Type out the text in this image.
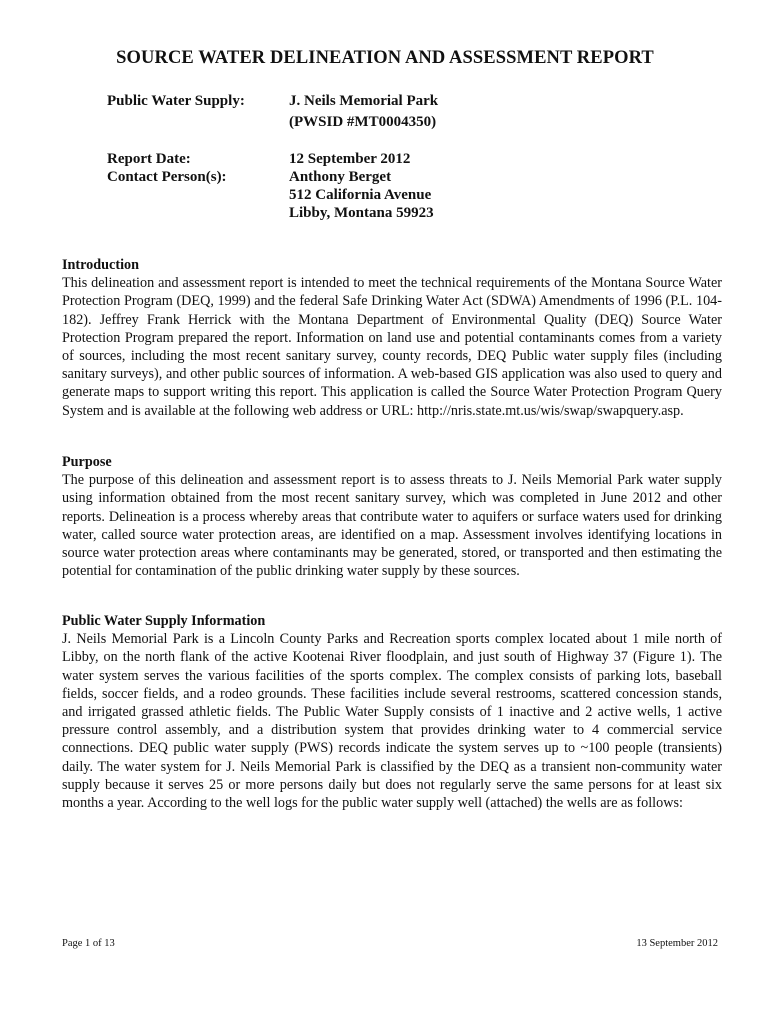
SOURCE WATER DELINEATION AND ASSESSMENT REPORT
Public Water Supply:	J. Neils Memorial Park
(PWSID #MT0004350)
Report Date:	12 September 2012
Contact Person(s):	Anthony Berget
512 California Avenue
Libby, Montana 59923
Introduction

This delineation and assessment report is intended to meet the technical requirements of the Montana Source Water Protection Program (DEQ, 1999) and the federal Safe Drinking Water Act (SDWA) Amendments of 1996 (P.L. 104-182). Jeffrey Frank Herrick with the Montana Department of Environmental Quality (DEQ) Source Water Protection Program prepared the report. Information on land use and potential contaminants comes from a variety of sources, including the most recent sanitary survey, county records, DEQ Public water supply files (including sanitary surveys), and other public sources of information. A web-based GIS application was also used to query and generate maps to support writing this report. This application is called the Source Water Protection Program Query System and is available at the following web address or URL: http://nris.state.mt.us/wis/swap/swapquery.asp.

Purpose

The purpose of this delineation and assessment report is to assess threats to J. Neils Memorial Park water supply using information obtained from the most recent sanitary survey, which was completed in June 2012 and other reports. Delineation is a process whereby areas that contribute water to aquifers or surface waters used for drinking water, called source water protection areas, are identified on a map. Assessment involves identifying locations in source water protection areas where contaminants may be generated, stored, or transported and then estimating the potential for contamination of the public drinking water supply by these sources.

Public Water Supply Information

J. Neils Memorial Park is a Lincoln County Parks and Recreation sports complex located about 1 mile north of Libby, on the north flank of the active Kootenai River floodplain, and just south of Highway 37 (Figure 1). The water system serves the various facilities of the sports complex. The complex consists of parking lots, baseball fields, soccer fields, and a rodeo grounds. These facilities include several restrooms, scattered concession stands, and irrigated grassed athletic fields. The Public Water Supply consists of 1 inactive and 2 active wells, 1 active pressure control assembly, and a distribution system that provides drinking water to 4 commercial service connections. DEQ public water supply (PWS) records indicate the system serves up to ~100 people (transients) daily. The water system for J. Neils Memorial Park is classified by the DEQ as a transient non-community water supply because it serves 25 or more persons daily but does not regularly serve the same persons for at least six months a year. According to the well logs for the public water supply well (attached) the wells are as follows:

Page 1 of 13	13 September 2012
